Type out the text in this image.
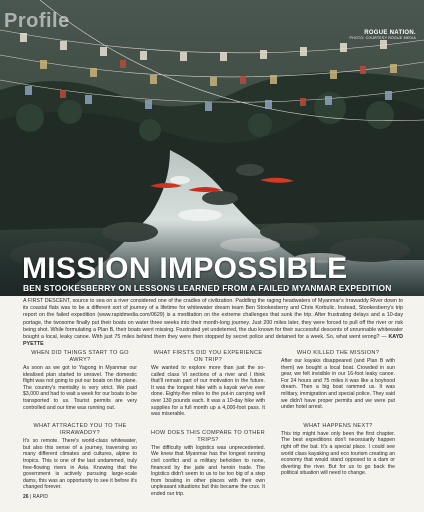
Profile
ROGUE NATION.
PHOTO: COURTESY ROGUE MEDIA
MISSION IMPOSSIBLE
BEN STOOKESBERRY ON LESSONS LEARNED FROM A FAILED MYANMAR EXPEDITION
A FIRST DESCENT, source to sea on a river considered one of the cradles of civilization. Paddling the raging headwaters of Myanmar's Irrawaddy River down to its coastal flats was to be a different sort of journey of a lifetime for whitewater dream team Ben Stookesberry and Chris Korbulic. Instead, Stookesberry's trip report on the failed expedition (www.rapidmedia.com/0629) is a meditation on the extreme challenges that sunk the trip. After frustrating delays and a 10-day portage, the twosome finally put their boats on water three weeks into their month-long journey. Just 200 miles later, they were forced to pull off the river or risk being shot. While formulating a Plan B, their boats went missing. Frustrated yet undeterred, the duo known for their successful descents of unrunnable whitewater bought a local, leaky canoe. With just 75 miles behind them they were then stopped by secret police and detained for a week. So, what went wrong? — KAYD PYETTE
WHEN DID THINGS START TO GO AWRY?
As soon as we got to Yagong in Myanmar our idealised plan started to unravel. The domestic flight was not going to put our boats on the plane. The country's mentality is very strict. We paid $3,000 and had to wait a week for our boats to be transported to us. Tourist permits are very controlled and our time was running out.
WHAT ATTRACTED YOU TO THE IRRAWADDY?
It's so remote. There's world-class whitewater, but also this sense of a journey, traversing so many different climates and cultures, alpine to tropics. This is one of the last undammed, truly free-flowing rivers in Asia. Knowing that the government is actively pursuing large-scale dams, this was an opportunity to see it before it's changed forever.
WHAT FIRSTS DID YOU EXPERIENCE ON TRIP?
We wanted to explore more than just the so-called class VI sections of a river and I think that'll remain part of our motivation in the future. It was the longest hike with a kayak we've ever done. Eighty-five miles to the put-in carrying well over 130 pounds each. It was a 10-day hike with supplies for a full month up a 4,000-foot pass. It was miserable.
HOW DOES THIS COMPARE TO OTHER TRIPS?
The difficulty with logistics was unprecedented. We knew that Myanmar has the longest running civil conflict and a military beholden to none, financed by the jade and heroin trade. The logistics didn't seem to us to be too big of a step from boating in other places with their own unpleasant situations but this became the crux. It ended our trip.
WHO KILLED THE MISSION?
After our kayaks disappeared (and Plan B with them) we bought a local boat. Crowded in sun gear, we felt invisible in our 16-foot leaky canoe. For 24 hours and 75 miles it was like a boyhood dream. Then a big boat rammed us. It was military, immigration and special police. They said we didn't have proper permits and we were put under hotel arrest.
WHAT HAPPENS NEXT?
This trip might have only been the first chapter. The best expeditions don't necessarily happen right off the bat. It's a special place. I could see world class kayaking and eco tourism creating an economy that would stand opposed to a dam or diverting the river. But for us to go back the political situation will need to change.
26 | RAPID
